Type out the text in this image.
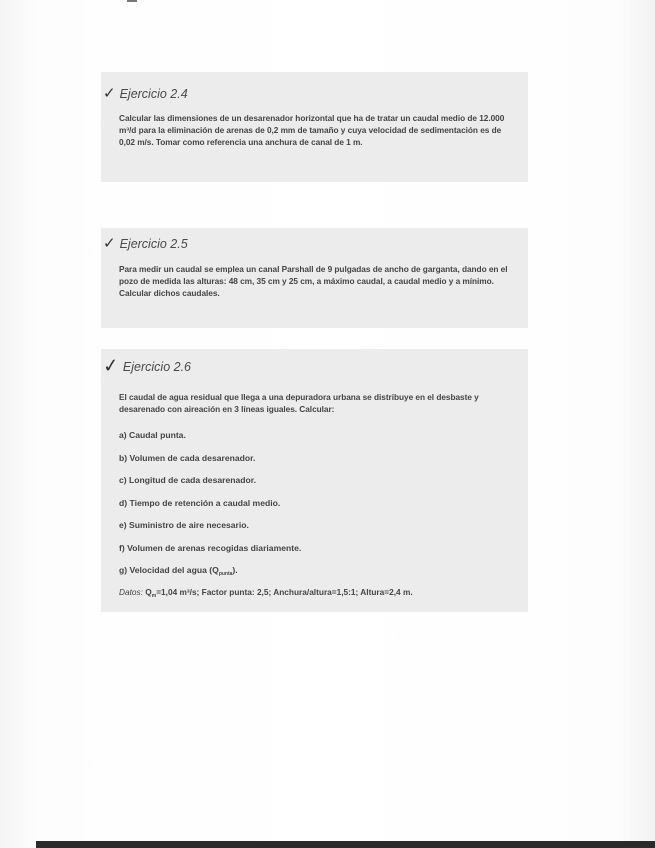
✓ Ejercicio 2.4
Calcular las dimensiones de un desarenador horizontal que ha de tratar un caudal medio de 12.000 m³/d para la eliminación de arenas de 0,2 mm de tamaño y cuya velocidad de sedimentación es de 0,02 m/s. Tomar como referencia una anchura de canal de 1 m.
✓ Ejercicio 2.5
Para medir un caudal se emplea un canal Parshall de 9 pulgadas de ancho de garganta, dando en el pozo de medida las alturas: 48 cm, 35 cm y 25 cm, a máximo caudal, a caudal medio y a mínimo. Calcular dichos caudales.
✓ Ejercicio 2.6
El caudal de agua residual que llega a una depuradora urbana se distribuye en el desbaste y desarenado con aireación en 3 líneas iguales. Calcular:
a) Caudal punta.
b) Volumen de cada desarenador.
c) Longitud de cada desarenador.
d) Tiempo de retención a caudal medio.
e) Suministro de aire necesario.
f) Volumen de arenas recogidas diariamente.
g) Velocidad del agua $(Q_{punta})$.
Datos: $Q_m=1,04$ m³/s; Factor punta: 2,5; Anchura/altura=1,5:1; Altura=2,4 m.
